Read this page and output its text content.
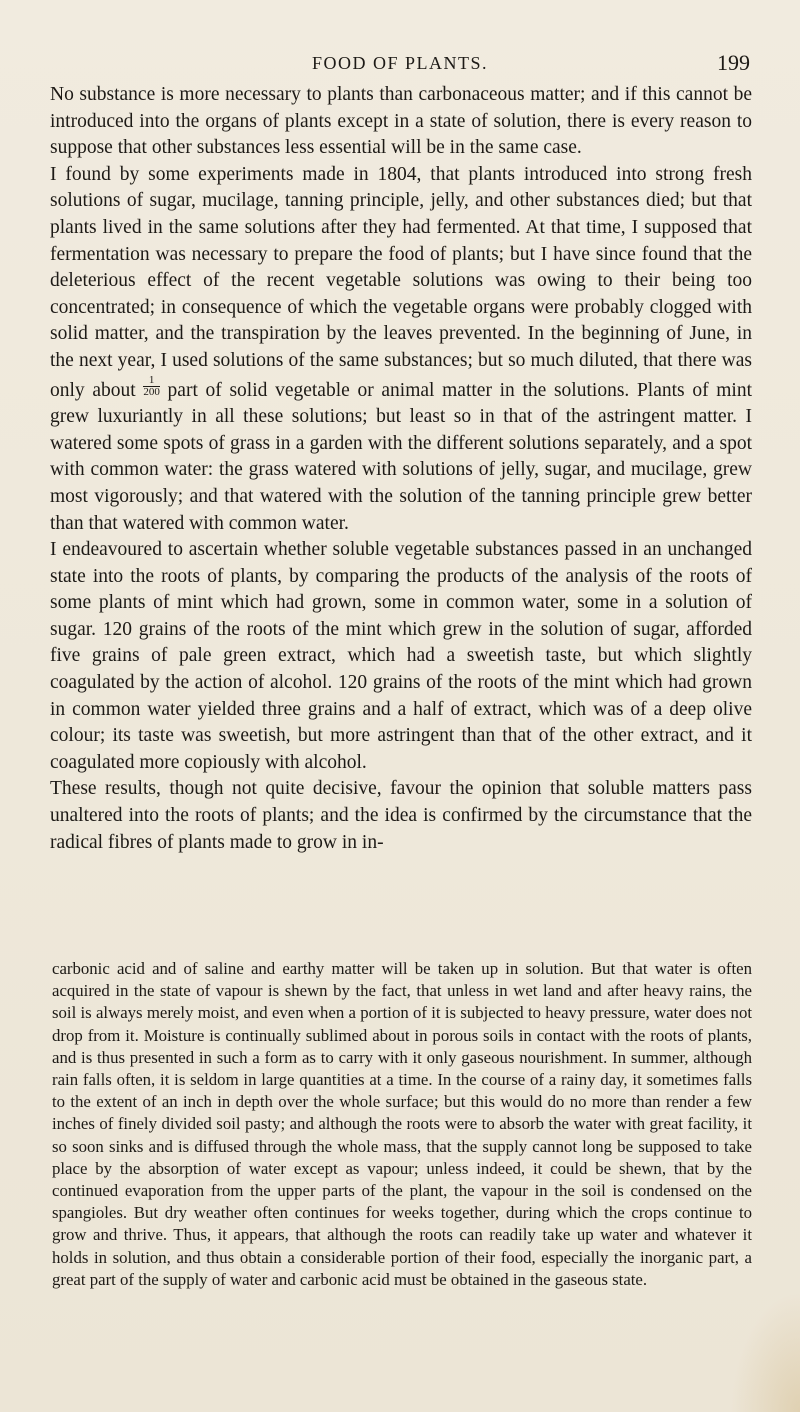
FOOD OF PLANTS.	199

No substance is more necessary to plants than carbonaceous matter; and if this cannot be introduced into the organs of plants except in a state of solution, there is every reason to suppose that other substances less essential will be in the same case.

I found by some experiments made in 1804, that plants introduced into strong fresh solutions of sugar, mucilage, tanning principle, jelly, and other substances died; but that plants lived in the same solutions after they had fermented. At that time, I supposed that fermentation was necessary to prepare the food of plants; but I have since found that the deleterious effect of the recent vegetable solutions was owing to their being too concentrated; in consequence of which the vegetable organs were probably clogged with solid matter, and the transpiration by the leaves prevented. In the beginning of June, in the next year, I used solutions of the same substances; but so much diluted, that there was only about $\frac{1}{200}$ part of solid vegetable or animal matter in the solutions. Plants of mint grew luxuriantly in all these solutions; but least so in that of the astringent matter. I watered some spots of grass in a garden with the different solutions separately, and a spot with common water: the grass watered with solutions of jelly, sugar, and mucilage, grew most vigorously; and that watered with the solution of the tanning principle grew better than that watered with common water.

I endeavoured to ascertain whether soluble vegetable substances passed in an unchanged state into the roots of plants, by comparing the products of the analysis of the roots of some plants of mint which had grown, some in common water, some in a solution of sugar. 120 grains of the roots of the mint which grew in the solution of sugar, afforded five grains of pale green extract, which had a sweetish taste, but which slightly coagulated by the action of alcohol. 120 grains of the roots of the mint which had grown in common water yielded three grains and a half of extract, which was of a deep olive colour; its taste was sweetish, but more astringent than that of the other extract, and it coagulated more copiously with alcohol.

These results, though not quite decisive, favour the opinion that soluble matters pass unaltered into the roots of plants; and the idea is confirmed by the circumstance that the radical fibres of plants made to grow in in-

carbonic acid and of saline and earthy matter will be taken up in solution. But that water is often acquired in the state of vapour is shewn by the fact, that unless in wet land and after heavy rains, the soil is always merely moist, and even when a portion of it is subjected to heavy pressure, water does not drop from it. Moisture is continually sublimed about in porous soils in contact with the roots of plants, and is thus presented in such a form as to carry with it only gaseous nourishment. In summer, although rain falls often, it is seldom in large quantities at a time. In the course of a rainy day, it sometimes falls to the extent of an inch in depth over the whole surface; but this would do no more than render a few inches of finely divided soil pasty; and although the roots were to absorb the water with great facility, it so soon sinks and is diffused through the whole mass, that the supply cannot long be supposed to take place by the absorption of water except as vapour; unless indeed, it could be shewn, that by the continued evaporation from the upper parts of the plant, the vapour in the soil is condensed on the spangioles. But dry weather often continues for weeks together, during which the crops continue to grow and thrive. Thus, it appears, that although the roots can readily take up water and whatever it holds in solution, and thus obtain a considerable portion of their food, especially the inorganic part, a great part of the supply of water and carbonic acid must be obtained in the gaseous state.
